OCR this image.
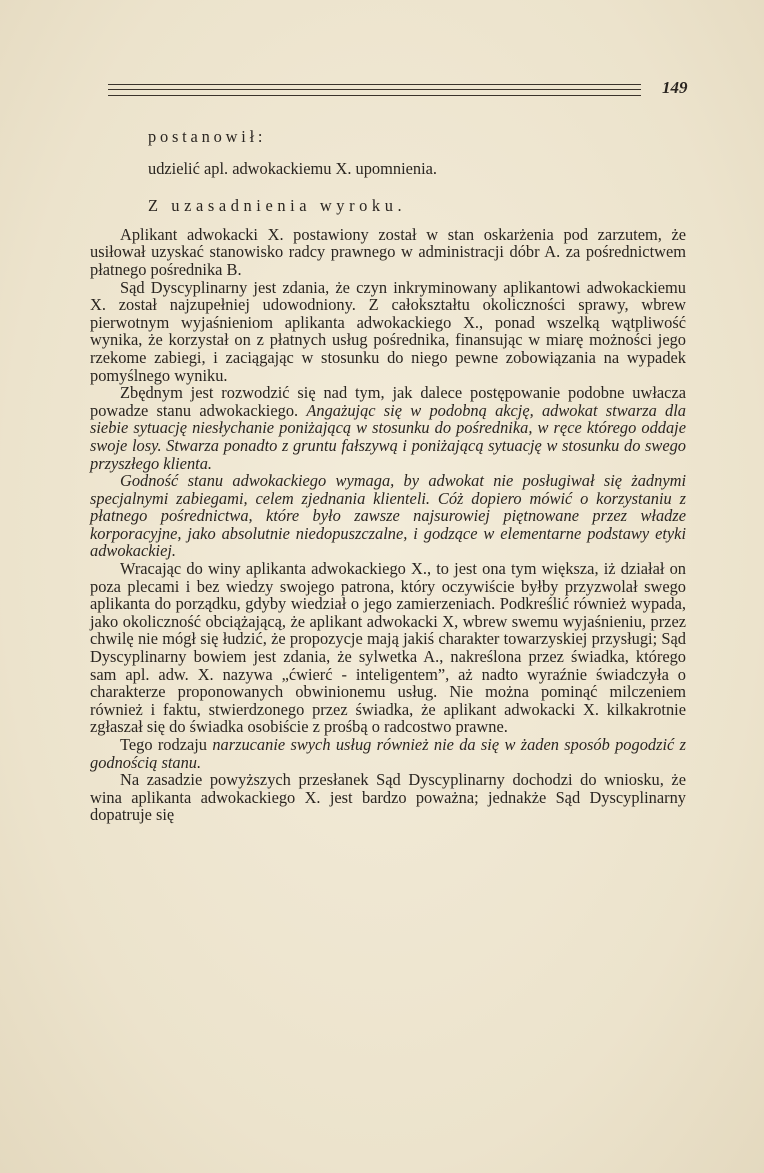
149
postanowił:
udzielić apl. adwokackiemu X. upomnienia.
Z uzasadnienia wyroku.

Aplikant adwokacki X. postawiony został w stan oskarżenia pod zarzutem, że usiłował uzyskać stanowisko radcy prawnego w administracji dóbr A. za pośrednictwem płatnego pośrednika B.

Sąd Dyscyplinarny jest zdania, że czyn inkryminowany aplikantowi adwokackiemu X. został najzupełniej udowodniony. Z całokształtu okoliczności sprawy, wbrew pierwotnym wyjaśnieniom aplikanta adwokackiego X., ponad wszelką wątpliwość wynika, że korzystał on z płatnych usług pośrednika, finansując w miarę możności jego rzekome zabiegi, i zaciągając w stosunku do niego pewne zobowiązania na wypadek pomyślnego wyniku.

Zbędnym jest rozwodzić się nad tym, jak dalece postępowanie podobne uwłacza powadze stanu adwokackiego. Angażując się w podobną akcję, adwokat stwarza dla siebie sytuację niesłychanie poniżającą w stosunku do pośrednika, w ręce którego oddaje swoje losy. Stwarza ponadto z gruntu fałszywą i poniżającą sytuację w stosunku do swego przyszłego klienta.

Godność stanu adwokackiego wymaga, by adwokat nie posługiwał się żadnymi specjalnymi zabiegami, celem zjednania klienteli. Cóż dopiero mówić o korzystaniu z płatnego pośrednictwa, które było zawsze najsurowiej piętnowane przez władze korporacyjne, jako absolutnie niedopuszczalne, i godzące w elementarne podstawy etyki adwokackiej.

Wracając do winy aplikanta adwokackiego X., to jest ona tym większa, iż działał on poza plecami i bez wiedzy swojego patrona, który oczywiście byłby przyzwolał swego aplikanta do porządku, gdyby wiedział o jego zamierzeniach. Podkreślić również wypada, jako okoliczność obciążającą, że aplikant adwokacki X, wbrew swemu wyjaśnieniu, przez chwilę nie mógł się łudzić, że propozycje mają jakiś charakter towarzyskiej przysługi; Sąd Dyscyplinarny bowiem jest zdania, że sylwetka A., nakreślona przez świadka, którego sam apl. adw. X. nazywa „ćwierć - inteligentem”, aż nadto wyraźnie świadczyła o charakterze proponowanych obwinionemu usług. Nie można pominąć milczeniem również i faktu, stwierdzonego przez świadka, że aplikant adwokacki X. kilkakrotnie zgłaszał się do świadka osobiście z prośbą o radcostwo prawne.

Tego rodzaju narzucanie swych usług również nie da się w żaden sposób pogodzić z godnością stanu.

Na zasadzie powyższych przesłanek Sąd Dyscyplinarny dochodzi do wniosku, że wina aplikanta adwokackiego X. jest bardzo poważna; jednakże Sąd Dyscyplinarny dopatruje się
